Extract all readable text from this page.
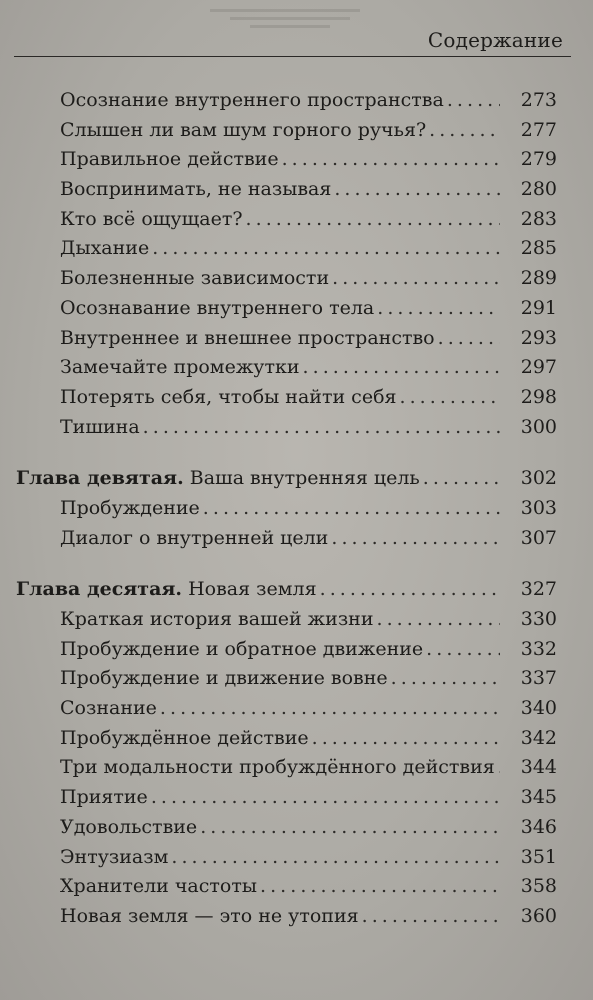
Содержание
Осознание внутреннего пространства . . .	273
Слышен ли вам шум горного ручья? . . .	277
Правильное действие . . .	279
Воспринимать, не называя . . .	280
Кто всё ощущает? . . .	283
Дыхание . . .	285
Болезненные зависимости . . .	289
Осознавание внутреннего тела . . .	291
Внутреннее и внешнее пространство . . .	293
Замечайте промежутки . . .	297
Потерять себя, чтобы найти себя . . .	298
Тишина . . .	300
Глава девятая. Ваша внутренняя цель . . .	302
Пробуждение . . .	303
Диалог о внутренней цели . . .	307
Глава десятая. Новая земля . . .	327
Краткая история вашей жизни . . .	330
Пробуждение и обратное движение . . .	332
Пробуждение и движение вовне . . .	337
Сознание . . .	340
Пробуждённое действие . . .	342
Три модальности пробуждённого действия . . .	344
Приятие . . .	345
Удовольствие . . .	346
Энтузиазм . . .	351
Хранители частоты . . .	358
Новая земля — это не утопия . . .	360
